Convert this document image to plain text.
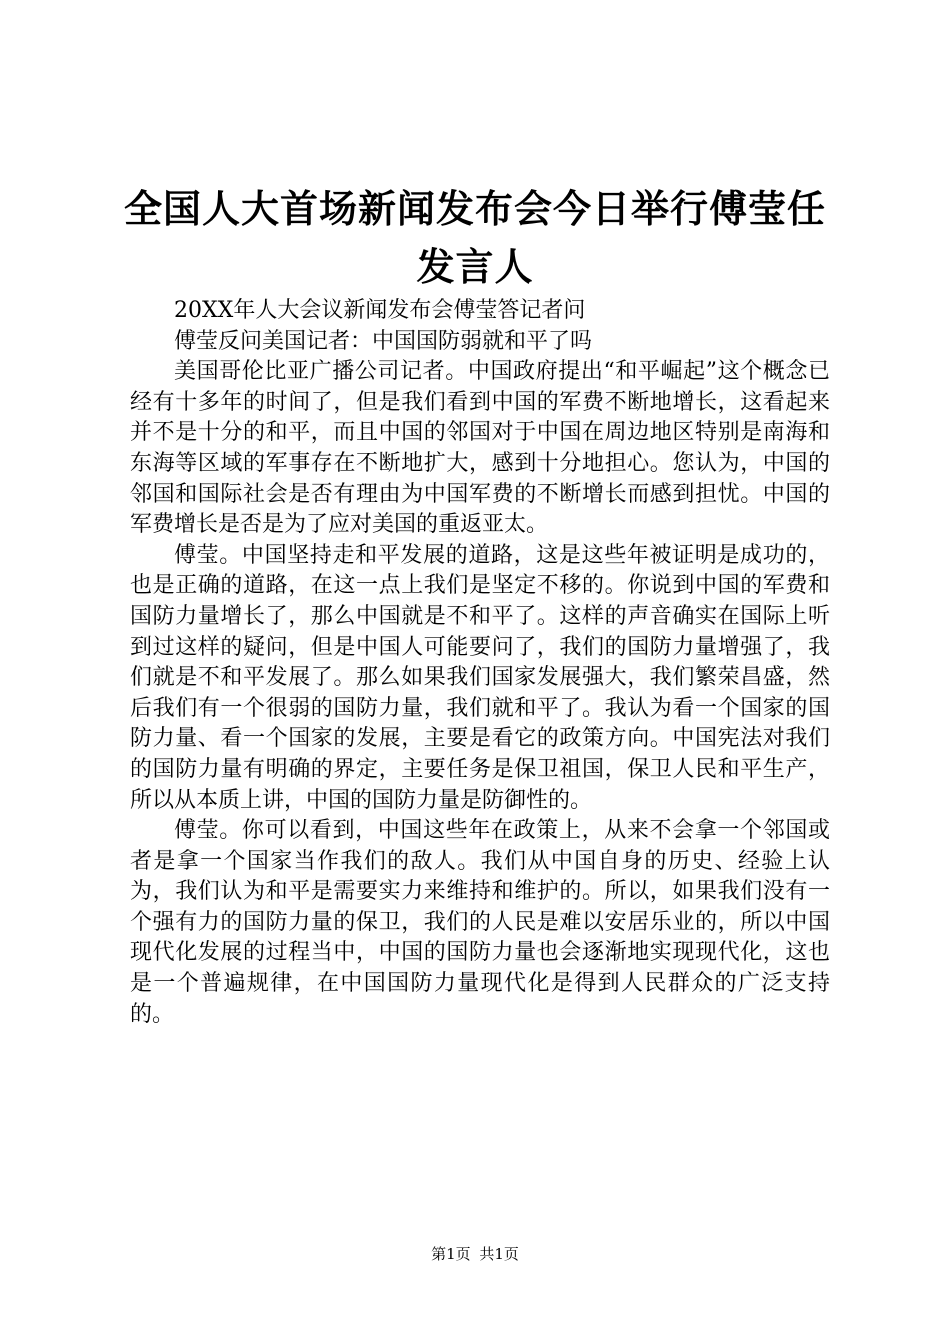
全国人大首场新闻发布会今日举行傅莹任发言人

20XX年人大会议新闻发布会傅莹答记者问

傅莹反问美国记者：中国国防弱就和平了吗

美国哥伦比亚广播公司记者。中国政府提出“和平崛起”这个概念已经有十多年的时间了，但是我们看到中国的军费不断地增长，这看起来并不是十分的和平，而且中国的邻国对于中国在周边地区特别是南海和东海等区域的军事存在不断地扩大，感到十分地担心。您认为，中国的邻国和国际社会是否有理由为中国军费的不断增长而感到担忧。中国的军费增长是否是为了应对美国的重返亚太。

傅莹。中国坚持走和平发展的道路，这是这些年被证明是成功的，也是正确的道路，在这一点上我们是坚定不移的。你说到中国的军费和国防力量增长了，那么中国就是不和平了。这样的声音确实在国际上听到过这样的疑问，但是中国人可能要问了，我们的国防力量增强了，我们就是不和平发展了。那么如果我们国家发展强大，我们繁荣昌盛，然后我们有一个很弱的国防力量，我们就和平了。我认为看一个国家的国防力量、看一个国家的发展，主要是看它的政策方向。中国宪法对我们的国防力量有明确的界定，主要任务是保卫祖国，保卫人民和平生产，所以从本质上讲，中国的国防力量是防御性的。

傅莹。你可以看到，中国这些年在政策上，从来不会拿一个邻国或者是拿一个国家当作我们的敌人。我们从中国自身的历史、经验上认为，我们认为和平是需要实力来维持和维护的。所以，如果我们没有一个强有力的国防力量的保卫，我们的人民是难以安居乐业的，所以中国现代化发展的过程当中，中国的国防力量也会逐渐地实现现代化，这也是一个普遍规律，在中国国防力量现代化是得到人民群众的广泛支持的。

第1页 共1页
